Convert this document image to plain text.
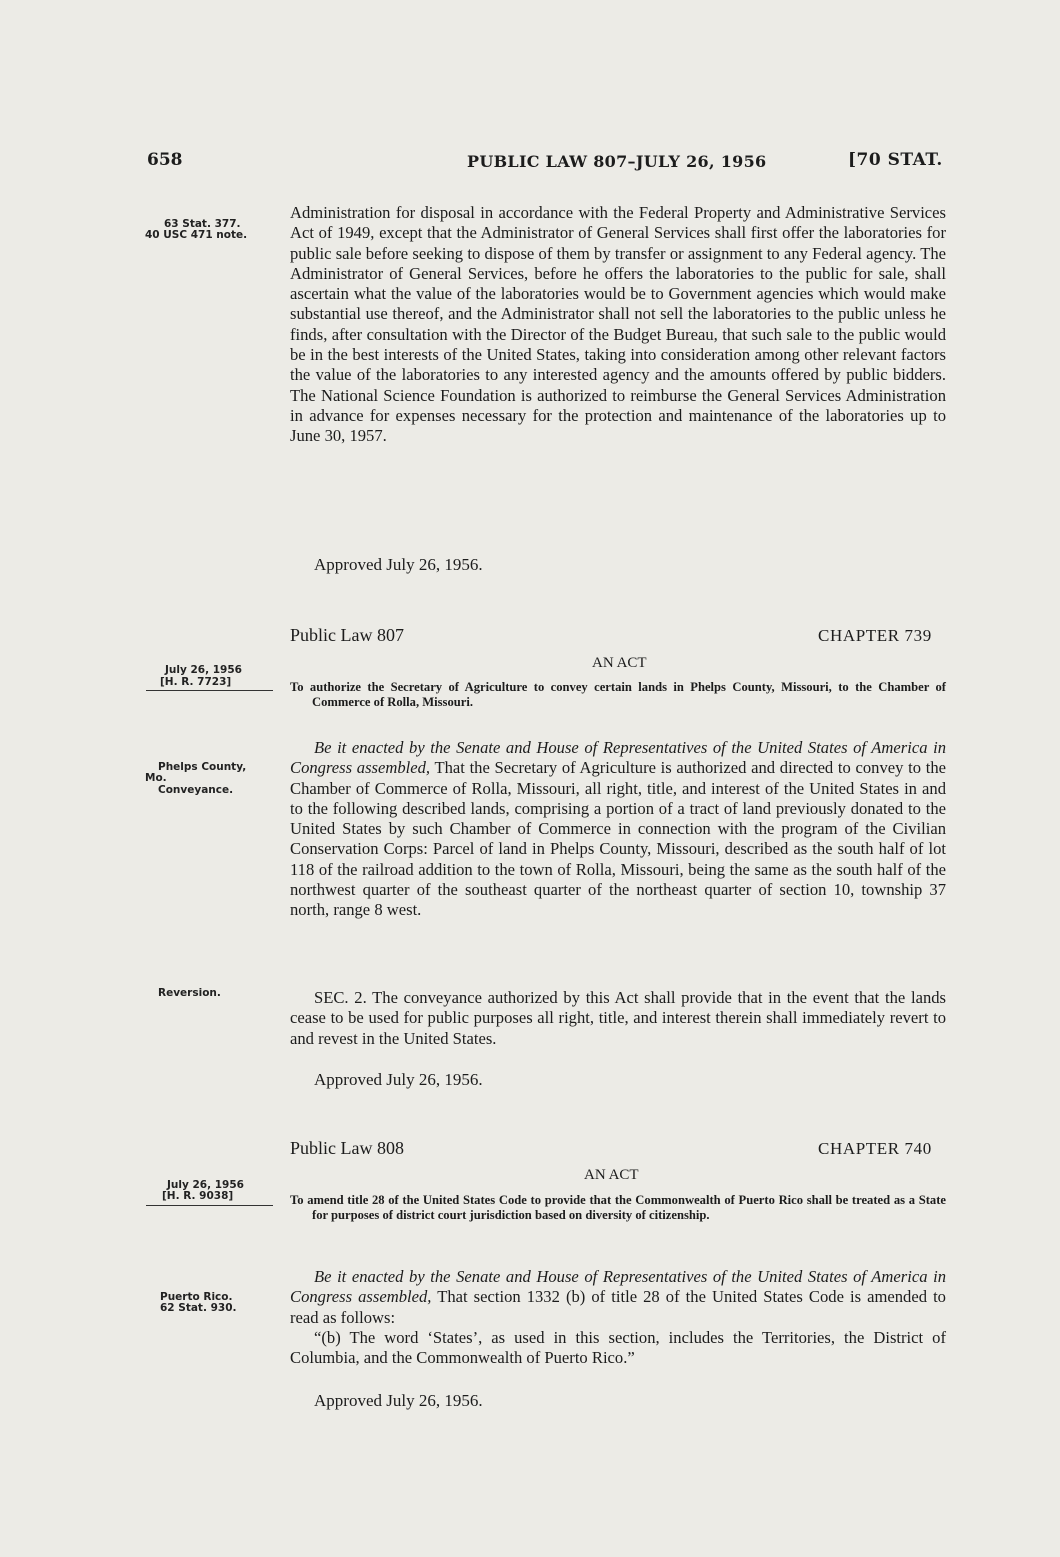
658	PUBLIC LAW 807–JULY 26, 1956	[70 STAT.
63 Stat. 377.
40 USC 471 note.
July 26, 1956
[H. R. 7723]
Phelps County,
Mo.
Conveyance.
Reversion.
July 26, 1956
[H. R. 9038]
Puerto Rico.
62 Stat. 930.
Administration for disposal in accordance with the Federal Property and Administrative Services Act of 1949, except that the Administrator of General Services shall first offer the laboratories for public sale before seeking to dispose of them by transfer or assignment to any Federal agency. The Administrator of General Services, before he offers the laboratories to the public for sale, shall ascertain what the value of the laboratories would be to Government agencies which would make substantial use thereof, and the Administrator shall not sell the laboratories to the public unless he finds, after consultation with the Director of the Budget Bureau, that such sale to the public would be in the best interests of the United States, taking into consideration among other relevant factors the value of the laboratories to any interested agency and the amounts offered by public bidders. The National Science Foundation is authorized to reimburse the General Services Administration in advance for expenses necessary for the protection and maintenance of the laboratories up to June 30, 1957.
Approved July 26, 1956.
Public Law 807	CHAPTER 739
AN ACT
To authorize the Secretary of Agriculture to convey certain lands in Phelps County, Missouri, to the Chamber of Commerce of Rolla, Missouri.
Be it enacted by the Senate and House of Representatives of the United States of America in Congress assembled, That the Secretary of Agriculture is authorized and directed to convey to the Chamber of Commerce of Rolla, Missouri, all right, title, and interest of the United States in and to the following described lands, comprising a portion of a tract of land previously donated to the United States by such Chamber of Commerce in connection with the program of the Civilian Conservation Corps: Parcel of land in Phelps County, Missouri, described as the south half of lot 118 of the railroad addition to the town of Rolla, Missouri, being the same as the south half of the northwest quarter of the southeast quarter of the northeast quarter of section 10, township 37 north, range 8 west.
SEC. 2. The conveyance authorized by this Act shall provide that in the event that the lands cease to be used for public purposes all right, title, and interest therein shall immediately revert to and revest in the United States.
Approved July 26, 1956.
Public Law 808	CHAPTER 740
AN ACT
To amend title 28 of the United States Code to provide that the Commonwealth of Puerto Rico shall be treated as a State for purposes of district court jurisdiction based on diversity of citizenship.
Be it enacted by the Senate and House of Representatives of the United States of America in Congress assembled, That section 1332 (b) of title 28 of the United States Code is amended to read as follows:
“(b) The word ‘States’, as used in this section, includes the Territories, the District of Columbia, and the Commonwealth of Puerto Rico.”
Approved July 26, 1956.
